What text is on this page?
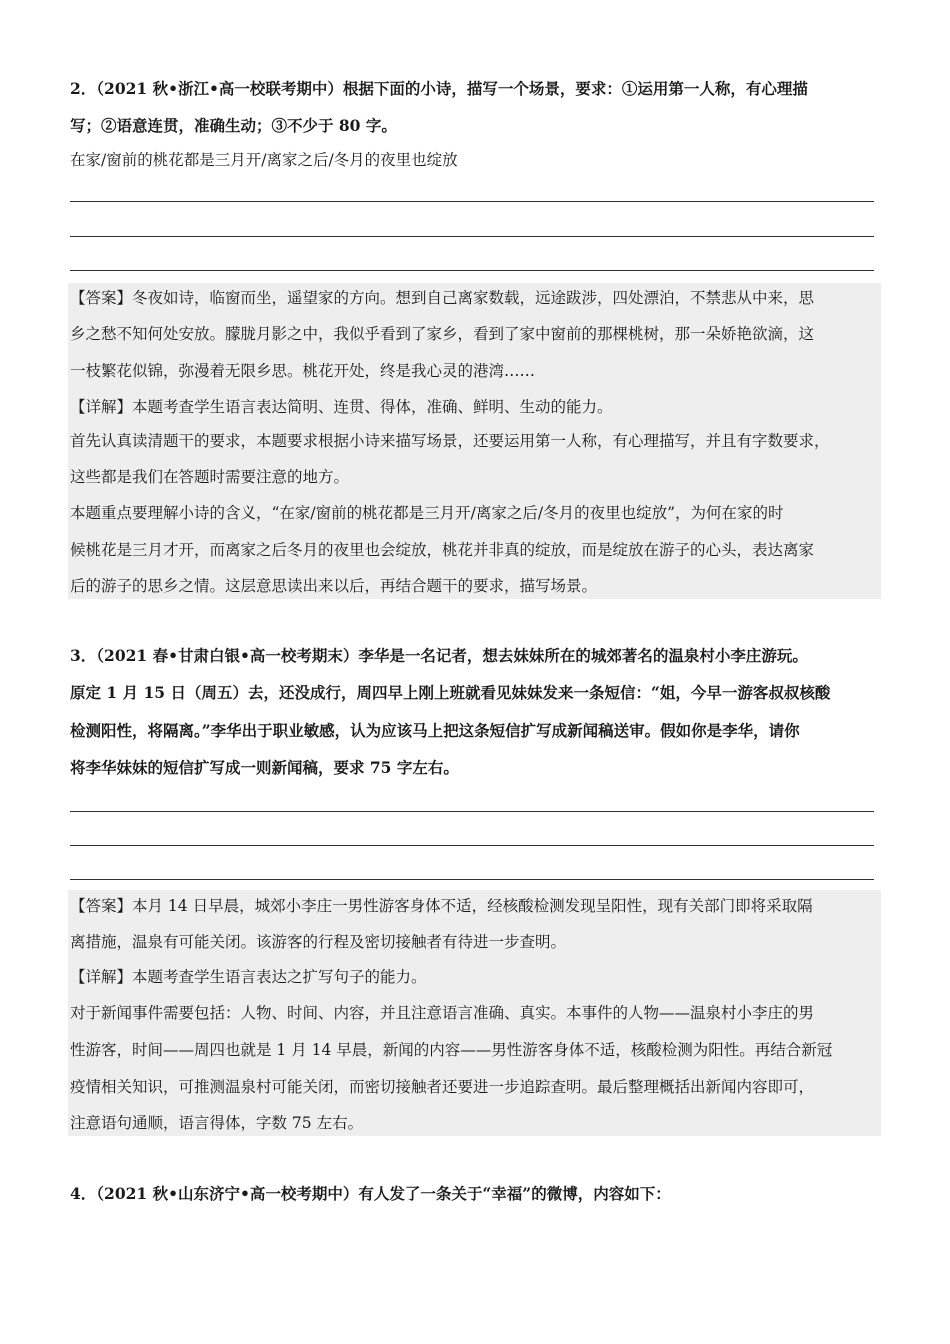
2．（2021 秋•浙江•高一校联考期中）根据下面的小诗，描写一个场景，要求：①运用第一人称，有心理描
写；②语意连贯，准确生动；③不少于 80 字。
在家/窗前的桃花都是三月开/离家之后/冬月的夜里也绽放
【答案】冬夜如诗，临窗而坐，遥望家的方向。想到自己离家数载，远途跋涉，四处漂泊，不禁悲从中来，思
乡之愁不知何处安放。朦胧月影之中，我似乎看到了家乡，看到了家中窗前的那棵桃树，那一朵娇艳欲滴，这
一枝繁花似锦，弥漫着无限乡思。桃花开处，终是我心灵的港湾……
【详解】本题考查学生语言表达简明、连贯、得体，准确、鲜明、生动的能力。
首先认真读清题干的要求，本题要求根据小诗来描写场景，还要运用第一人称，有心理描写，并且有字数要求，
这些都是我们在答题时需要注意的地方。
本题重点要理解小诗的含义，“在家/窗前的桃花都是三月开/离家之后/冬月的夜里也绽放”，为何在家的时
候桃花是三月才开，而离家之后冬月的夜里也会绽放，桃花并非真的绽放，而是绽放在游子的心头，表达离家
后的游子的思乡之情。这层意思读出来以后，再结合题干的要求，描写场景。
3．（2021 春•甘肃白银•高一校考期末）李华是一名记者，想去妹妹所在的城郊著名的温泉村小李庄游玩。
原定 1 月 15 日（周五）去，还没成行，周四早上刚上班就看见妹妹发来一条短信：“姐，今早一游客叔叔核酸
检测阳性，将隔离。”李华出于职业敏感，认为应该马上把这条短信扩写成新闻稿送审。假如你是李华，请你
将李华妹妹的短信扩写成一则新闻稿，要求 75 字左右。
【答案】本月 14 日早晨，城郊小李庄一男性游客身体不适，经核酸检测发现呈阳性，现有关部门即将采取隔
离措施，温泉有可能关闭。该游客的行程及密切接触者有待进一步查明。
【详解】本题考查学生语言表达之扩写句子的能力。
对于新闻事件需要包括：人物、时间、内容，并且注意语言准确、真实。本事件的人物——温泉村小李庄的男
性游客，时间——周四也就是 1 月 14 早晨，新闻的内容——男性游客身体不适，核酸检测为阳性。再结合新冠
疫情相关知识，可推测温泉村可能关闭，而密切接触者还要进一步追踪查明。最后整理概括出新闻内容即可，
注意语句通顺，语言得体，字数 75 左右。
4．（2021 秋•山东济宁•高一校考期中）有人发了一条关于“幸福”的微博，内容如下：
